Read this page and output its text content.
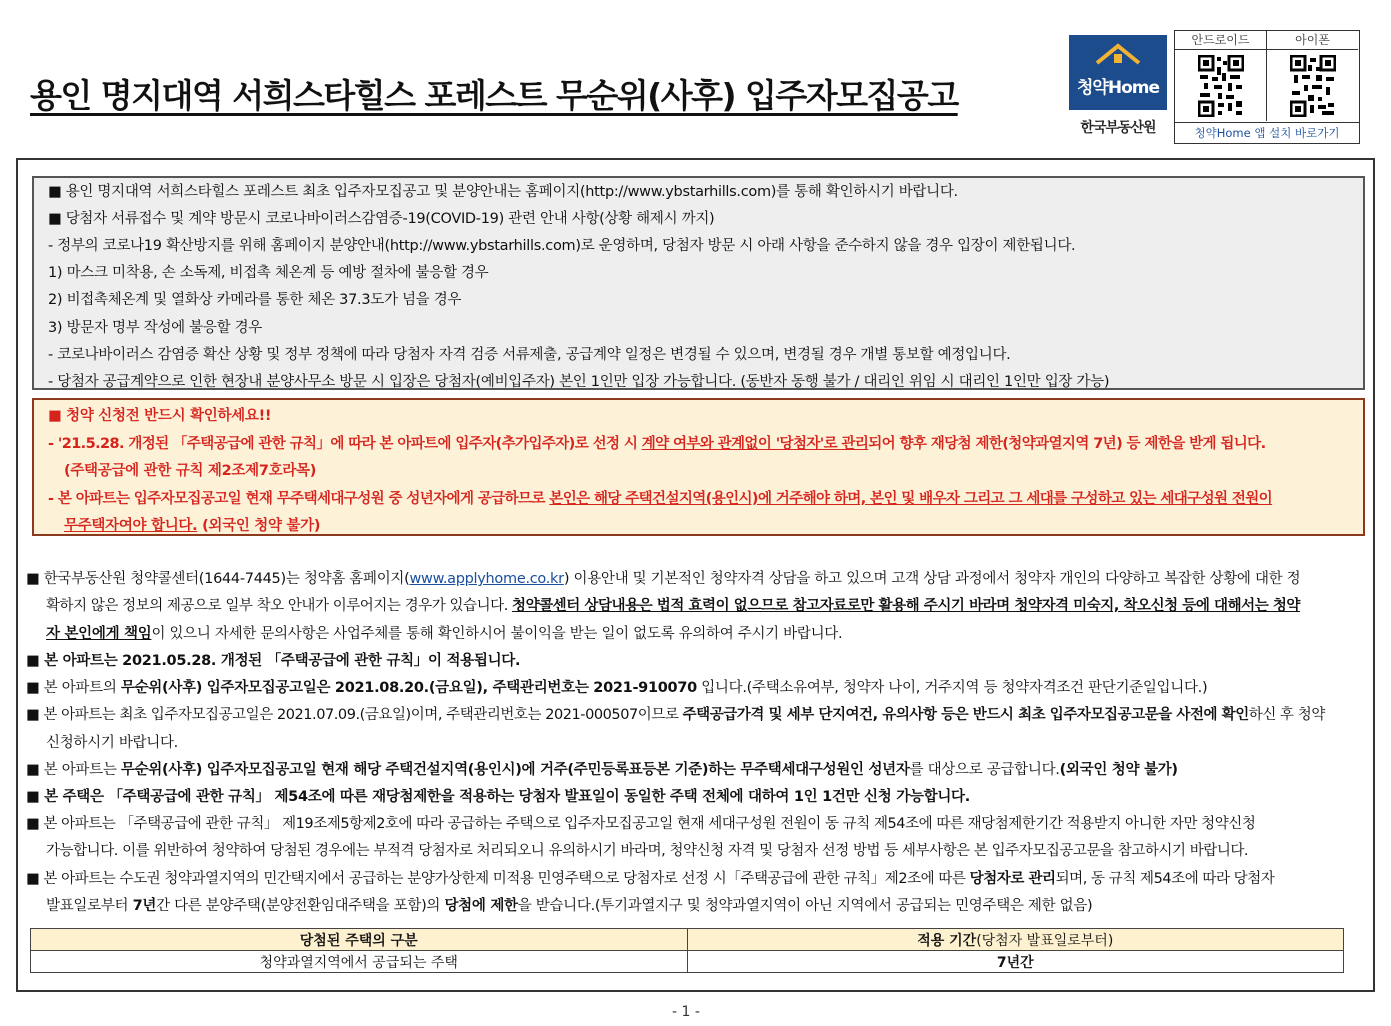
용인 명지대역 서희스타힐스 포레스트 무순위(사후) 입주자모집공고	청약Home
한국부동산원
안드로이드	아이폰
청약Home 앱 설치 바로가기
■ 용인 명지대역 서희스타힐스 포레스트 최초 입주자모집공고 및 분양안내는 홈페이지(http://www.ybstarhills.com)를 통해 확인하시기 바랍니다.
■ 당첨자 서류접수 및 계약 방문시 코로나바이러스감염증-19(COVID-19) 관련 안내 사항(상황 해제시 까지)
- 정부의 코로나19 확산방지를 위해 홈페이지 분양안내(http://www.ybstarhills.com)로 운영하며, 당첨자 방문 시 아래 사항을 준수하지 않을 경우 입장이 제한됩니다.
1) 마스크 미착용, 손 소독제, 비접촉 체온계 등 예방 절차에 불응할 경우
2) 비접촉체온계 및 열화상 카메라를 통한 체온 37.3도가 넘을 경우
3) 방문자 명부 작성에 불응할 경우
- 코로나바이러스 감염증 확산 상황 및 정부 정책에 따라 당첨자 자격 검증 서류제출, 공급계약 일정은 변경될 수 있으며, 변경될 경우 개별 통보할 예정입니다.
- 당첨자 공급계약으로 인한 현장내 분양사무소 방문 시 입장은 당첨자(예비입주자) 본인 1인만 입장 가능합니다. (동반자 동행 불가 / 대리인 위임 시 대리인 1인만 입장 가능)
■ 청약 신청전 반드시 확인하세요!!
- '21.5.28. 개정된 「주택공급에 관한 규칙」에 따라 본 아파트에 입주자(추가입주자)로 선정 시 계약 여부와 관계없이 '당첨자'로 관리되어 향후 재당첨 제한(청약과열지역 7년) 등 제한을 받게 됩니다.
(주택공급에 관한 규칙 제2조제7호라목)
- 본 아파트는 입주자모집공고일 현재 무주택세대구성원 중 성년자에게 공급하므로 본인은 해당 주택건설지역(용인시)에 거주해야 하며, 본인 및 배우자 그리고 그 세대를 구성하고 있는 세대구성원 전원이
무주택자여야 합니다. (외국인 청약 불가)
■ 한국부동산원 청약콜센터(1644-7445)는 청약홈 홈페이지(www.applyhome.co.kr) 이용안내 및 기본적인 청약자격 상담을 하고 있으며 고객 상담 과정에서 청약자 개인의 다양하고 복잡한 상황에 대한 정
확하지 않은 정보의 제공으로 일부 착오 안내가 이루어지는 경우가 있습니다. 청약콜센터 상담내용은 법적 효력이 없으므로 참고자료로만 활용해 주시기 바라며 청약자격 미숙지, 착오신청 등에 대해서는 청약
자 본인에게 책임이 있으니 자세한 문의사항은 사업주체를 통해 확인하시어 불이익을 받는 일이 없도록 유의하여 주시기 바랍니다.
■ 본 아파트는 2021.05.28. 개정된 「주택공급에 관한 규칙」이 적용됩니다.
■ 본 아파트의 무순위(사후) 입주자모집공고일은 2021.08.20.(금요일), 주택관리번호는 2021-910070 입니다.(주택소유여부, 청약자 나이, 거주지역 등 청약자격조건 판단기준일입니다.)
■ 본 아파트는 최초 입주자모집공고일은 2021.07.09.(금요일)이며, 주택관리번호는 2021-000507이므로 주택공급가격 및 세부 단지여건, 유의사항 등은 반드시 최초 입주자모집공고문을 사전에 확인하신 후 청약
신청하시기 바랍니다.
■ 본 아파트는 무순위(사후) 입주자모집공고일 현재 해당 주택건설지역(용인시)에 거주(주민등록표등본 기준)하는 무주택세대구성원인 성년자를 대상으로 공급합니다.(외국인 청약 불가)
■ 본 주택은 「주택공급에 관한 규칙」 제54조에 따른 재당첨제한을 적용하는 당첨자 발표일이 동일한 주택 전체에 대하여 1인 1건만 신청 가능합니다.
■ 본 아파트는 「주택공급에 관한 규칙」 제19조제5항제2호에 따라 공급하는 주택으로 입주자모집공고일 현재 세대구성원 전원이 동 규칙 제54조에 따른 재당첨제한기간 적용받지 아니한 자만 청약신청
가능합니다. 이를 위반하여 청약하여 당첨된 경우에는 부적격 당첨자로 처리되오니 유의하시기 바라며, 청약신청 자격 및 당첨자 선정 방법 등 세부사항은 본 입주자모집공고문을 참고하시기 바랍니다.
■ 본 아파트는 수도권 청약과열지역의 민간택지에서 공급하는 분양가상한제 미적용 민영주택으로 당첨자로 선정 시「주택공급에 관한 규칙」제2조에 따른 당첨자로 관리되며, 동 규칙 제54조에 따라 당첨자
발표일로부터 7년간 다른 분양주택(분양전환임대주택을 포함)의 당첨에 제한을 받습니다.(투기과열지구 및 청약과열지역이 아닌 지역에서 공급되는 민영주택은 제한 없음)
당첨된 주택의 구분	적용 기간(당첨자 발표일로부터)
청약과열지역에서 공급되는 주택	7년간
- 1 -
